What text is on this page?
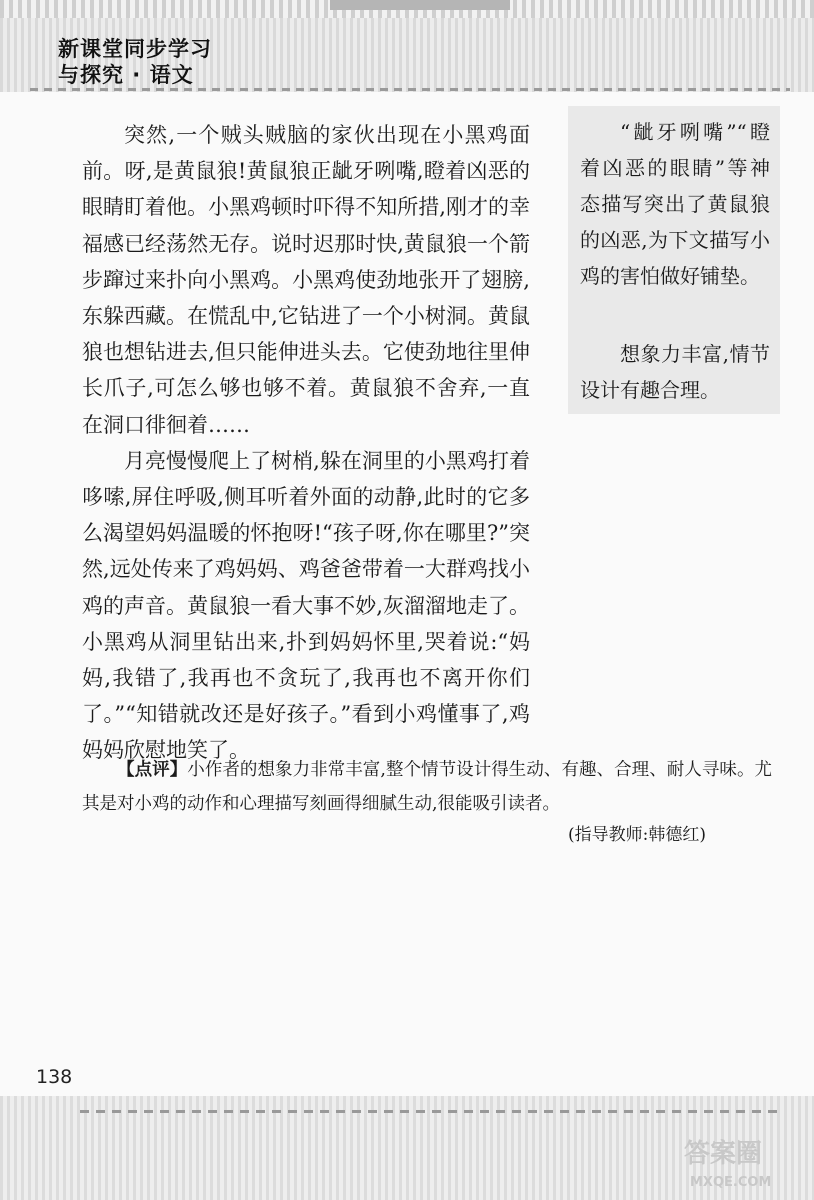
新课堂同步学习
与探究 · 语文

突然,一个贼头贼脑的家伙出现在小黑鸡面前。呀,是黄鼠狼!黄鼠狼正龇牙咧嘴,瞪着凶恶的眼睛盯着他。小黑鸡顿时吓得不知所措,刚才的幸福感已经荡然无存。说时迟那时快,黄鼠狼一个箭步蹿过来扑向小黑鸡。小黑鸡使劲地张开了翅膀,东躲西藏。在慌乱中,它钻进了一个小树洞。黄鼠狼也想钻进去,但只能伸进头去。它使劲地往里伸长爪子,可怎么够也够不着。黄鼠狼不舍弃,一直在洞口徘徊着……

月亮慢慢爬上了树梢,躲在洞里的小黑鸡打着哆嗦,屏住呼吸,侧耳听着外面的动静,此时的它多么渴望妈妈温暖的怀抱呀!“孩子呀,你在哪里?”突然,远处传来了鸡妈妈、鸡爸爸带着一大群鸡找小鸡的声音。黄鼠狼一看大事不妙,灰溜溜地走了。小黑鸡从洞里钻出来,扑到妈妈怀里,哭着说:“妈妈,我错了,我再也不贪玩了,我再也不离开你们了。”“知错就改还是好孩子。”看到小鸡懂事了,鸡妈妈欣慰地笑了。

“龇牙咧嘴”“瞪着凶恶的眼睛”等神态描写突出了黄鼠狼的凶恶,为下文描写小鸡的害怕做好铺垫。

想象力丰富,情节设计有趣合理。

【点评】小作者的想象力非常丰富,整个情节设计得生动、有趣、合理、耐人寻味。尤其是对小鸡的动作和心理描写刻画得细腻生动,很能吸引读者。
(指导教师:韩德红)
138
答案圈
MXQE.COM
